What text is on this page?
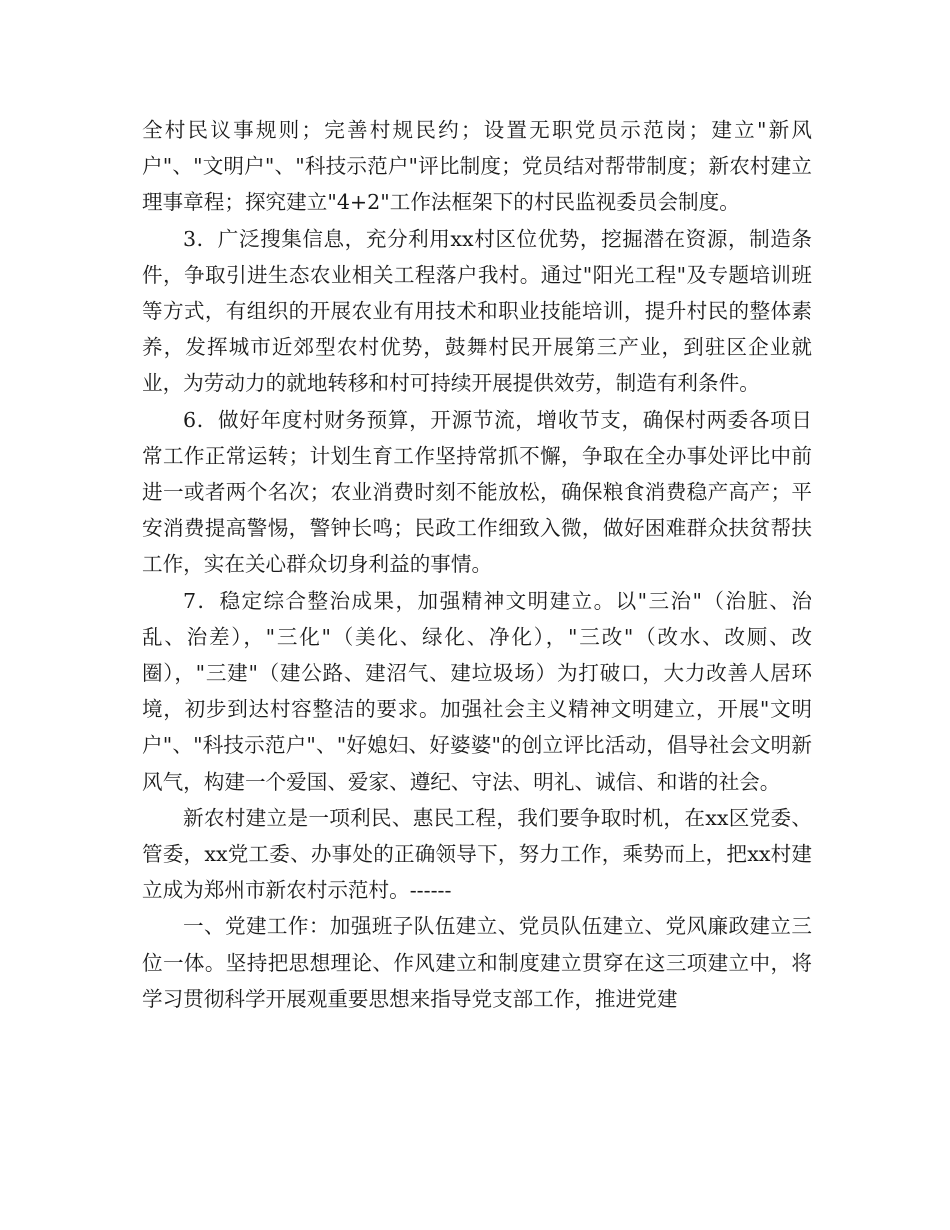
全村民议事规则；完善村规民约；设置无职党员示范岗；建立"新风户"、"文明户"、"科技示范户"评比制度；党员结对帮带制度；新农村建立理事章程；探究建立"4+2"工作法框架下的村民监视委员会制度。

3．广泛搜集信息，充分利用xx村区位优势，挖掘潜在资源，制造条件，争取引进生态农业相关工程落户我村。通过"阳光工程"及专题培训班等方式，有组织的开展农业有用技术和职业技能培训，提升村民的整体素养，发挥城市近郊型农村优势，鼓舞村民开展第三产业，到驻区企业就业，为劳动力的就地转移和村可持续开展提供效劳，制造有利条件。

6．做好年度村财务预算，开源节流，增收节支，确保村两委各项日常工作正常运转；计划生育工作坚持常抓不懈，争取在全办事处评比中前进一或者两个名次；农业消费时刻不能放松，确保粮食消费稳产高产；平安消费提高警惕，警钟长鸣；民政工作细致入微，做好困难群众扶贫帮扶工作，实在关心群众切身利益的事情。

7．稳定综合整治成果，加强精神文明建立。以"三治"（治脏、治乱、治差），"三化"（美化、绿化、净化），"三改"（改水、改厕、改圈），"三建"（建公路、建沼气、建垃圾场）为打破口，大力改善人居环境，初步到达村容整洁的要求。加强社会主义精神文明建立，开展"文明户"、"科技示范户"、"好媳妇、好婆婆"的创立评比活动，倡导社会文明新风气，构建一个爱国、爱家、遵纪、守法、明礼、诚信、和谐的社会。

新农村建立是一项利民、惠民工程，我们要争取时机，在xx区党委、管委，xx党工委、办事处的正确领导下，努力工作，乘势而上，把xx村建立成为郑州市新农村示范村。------

一、党建工作：加强班子队伍建立、党员队伍建立、党风廉政建立三位一体。坚持把思想理论、作风建立和制度建立贯穿在这三项建立中，将学习贯彻科学开展观重要思想来指导党支部工作，推进党建
